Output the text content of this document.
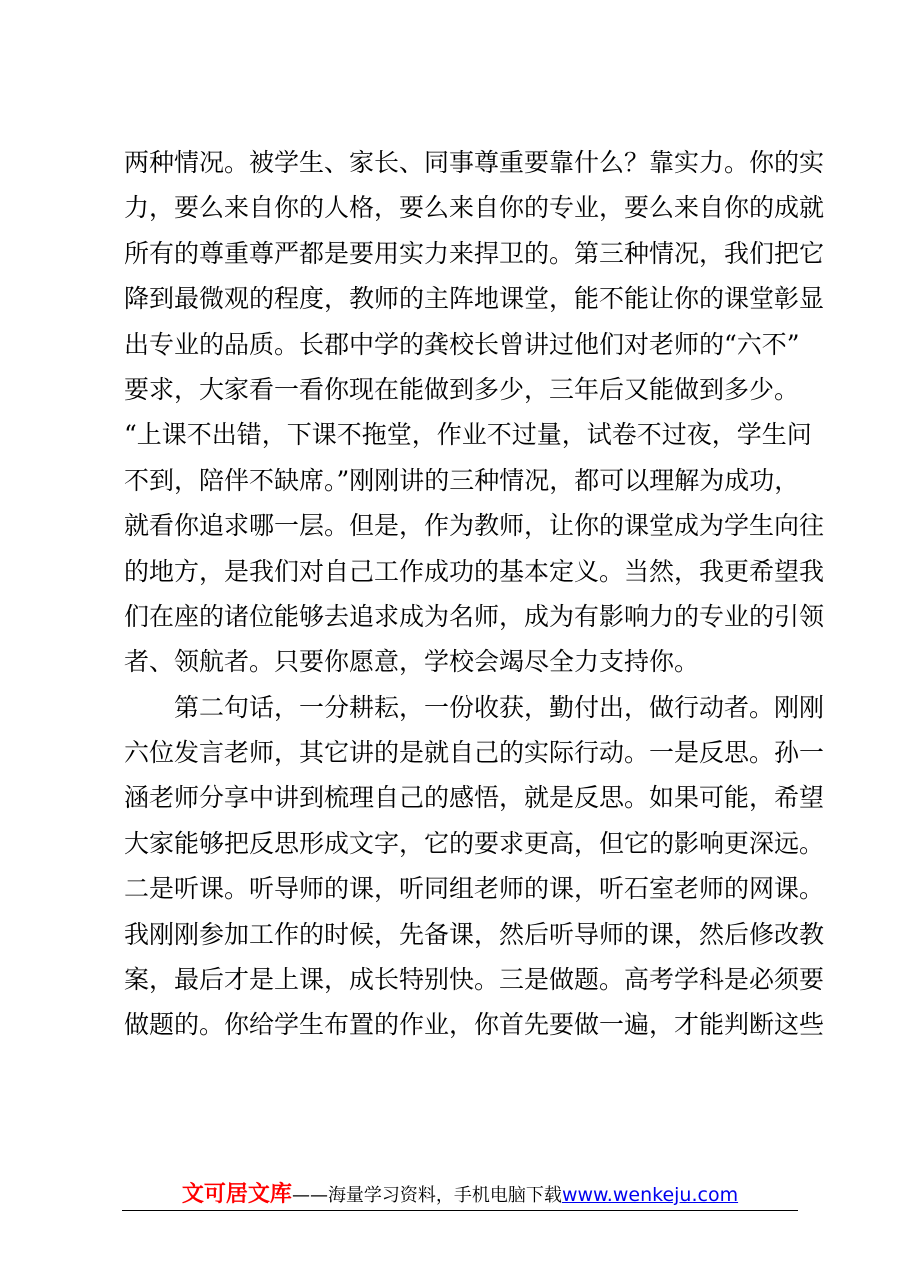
两种情况。被学生、家长、同事尊重要靠什么？靠实力。你的实
力，要么来自你的人格，要么来自你的专业，要么来自你的成就
所有的尊重尊严都是要用实力来捍卫的。第三种情况，我们把它
降到最微观的程度，教师的主阵地课堂，能不能让你的课堂彰显
出专业的品质。长郡中学的龚校长曾讲过他们对老师的“六不”
要求，大家看一看你现在能做到多少，三年后又能做到多少。
“上课不出错，下课不拖堂，作业不过量，试卷不过夜，学生问
不到，陪伴不缺席。”刚刚讲的三种情况，都可以理解为成功，
就看你追求哪一层。但是，作为教师，让你的课堂成为学生向往
的地方，是我们对自己工作成功的基本定义。当然，我更希望我
们在座的诸位能够去追求成为名师，成为有影响力的专业的引领
者、领航者。只要你愿意，学校会竭尽全力支持你。
第二句话，一分耕耘，一份收获，勤付出，做行动者。刚刚
六位发言老师，其它讲的是就自己的实际行动。一是反思。孙一
涵老师分享中讲到梳理自己的感悟，就是反思。如果可能，希望
大家能够把反思形成文字，它的要求更高，但它的影响更深远。
二是听课。听导师的课，听同组老师的课，听石室老师的网课。
我刚刚参加工作的时候，先备课，然后听导师的课，然后修改教
案，最后才是上课，成长特别快。三是做题。高考学科是必须要
做题的。你给学生布置的作业，你首先要做一遍，才能判断这些
文可居文库——海量学习资料，手机电脑下载www.wenkeju.com
